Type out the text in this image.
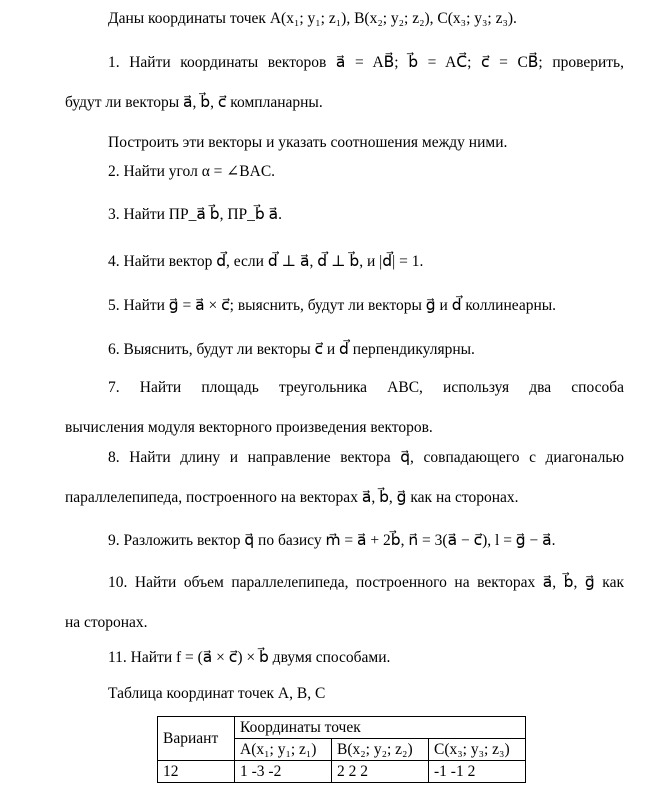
Даны координаты точек A(x₁; y₁; z₁), B(x₂; y₂; z₂), C(x₃; y₃; z₃).
1. Найти координаты векторов a⃗ = AB⃗; b⃗ = AC⃗; c⃗ = CB⃗; проверить,
будут ли векторы a⃗, b⃗, c⃗ компланарны.
Построить эти векторы и указать соотношения между ними.
2. Найти угол α = ∠BAC.
3. Найти ПР_a⃗ b⃗, ПР_b⃗ a⃗.
4. Найти вектор d⃗, если d⃗ ⊥ a⃗, d⃗ ⊥ b⃗, и |d⃗| = 1.
5. Найти g⃗ = a⃗ × c⃗; выяснить, будут ли векторы g⃗ и d⃗ коллинеарны.
6. Выяснить, будут ли векторы c⃗ и d⃗ перпендикулярны.
7. Найти площадь треугольника ABC, используя два способа
вычисления модуля векторного произведения векторов.
8. Найти длину и направление вектора q⃗, совпадающего с диагональю
параллелепипеда, построенного на векторах a⃗, b⃗, g⃗ как на сторонах.
9. Разложить вектор q⃗ по базису m⃗ = a⃗ + 2b⃗, n⃗ = 3(a⃗ − c⃗), l = g⃗ − a⃗.
10. Найти объем параллелепипеда, построенного на векторах a⃗, b⃗, g⃗ как
на сторонах.
11. Найти f = (a⃗ × c⃗) × b⃗ двумя способами.
Таблица координат точек A, B, C
Вариант	Координаты точек		
	A(x₁; y₁; z₁)	B(x₂; y₂; z₂)	C(x₃; y₃; z₃)
12	1 -3 -2	2 2 2	-1 -1 2
